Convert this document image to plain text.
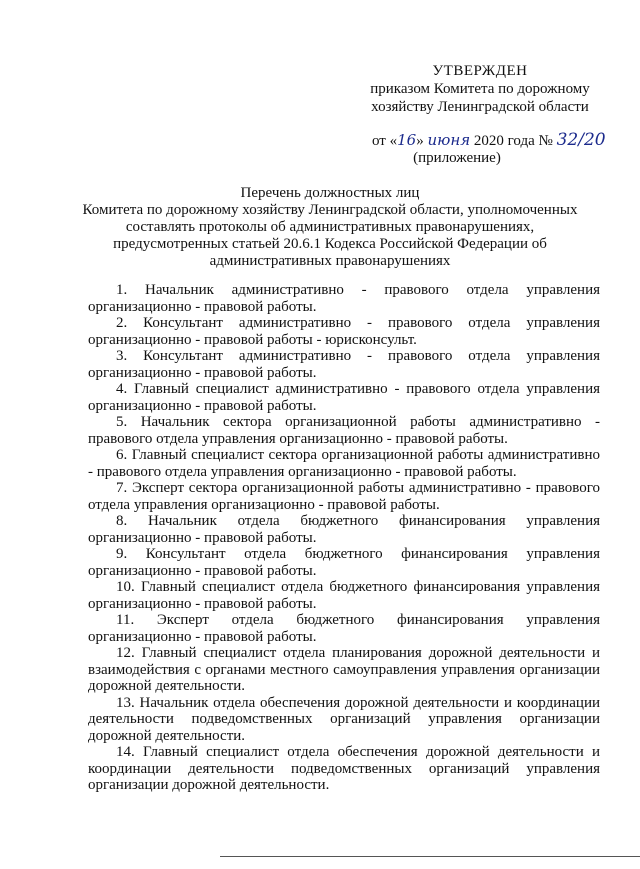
УТВЕРЖДЕН
приказом Комитета по дорожному
хозяйству Ленинградской области
от «16» июня 2020 года № 32/20
(приложение)
Перечень должностных лиц
Комитета по дорожному хозяйству Ленинградской области, уполномоченных
составлять протоколы об административных правонарушениях,
предусмотренных статьей 20.6.1 Кодекса Российской Федерации об
административных правонарушениях

1. Начальник административно - правового отдела управления организационно - правовой работы.

2. Консультант административно - правового отдела управления организационно - правовой работы - юрисконсульт.

3. Консультант административно - правового отдела управления организационно - правовой работы.

4. Главный специалист административно - правового отдела управления организационно - правовой работы.

5. Начальник сектора организационной работы административно - правового отдела управления организационно - правовой работы.

6. Главный специалист сектора организационной работы административно - правового отдела управления организационно - правовой работы.

7. Эксперт сектора организационной работы административно - правового отдела управления организационно - правовой работы.

8. Начальник отдела бюджетного финансирования управления организационно - правовой работы.

9. Консультант отдела бюджетного финансирования управления организационно - правовой работы.

10. Главный специалист отдела бюджетного финансирования управления организационно - правовой работы.

11. Эксперт отдела бюджетного финансирования управления организационно - правовой работы.

12. Главный специалист отдела планирования дорожной деятельности и взаимодействия с органами местного самоуправления управления организации дорожной деятельности.

13. Начальник отдела обеспечения дорожной деятельности и координации деятельности подведомственных организаций управления организации дорожной деятельности.

14. Главный специалист отдела обеспечения дорожной деятельности и координации деятельности подведомственных организаций управления организации дорожной деятельности.
